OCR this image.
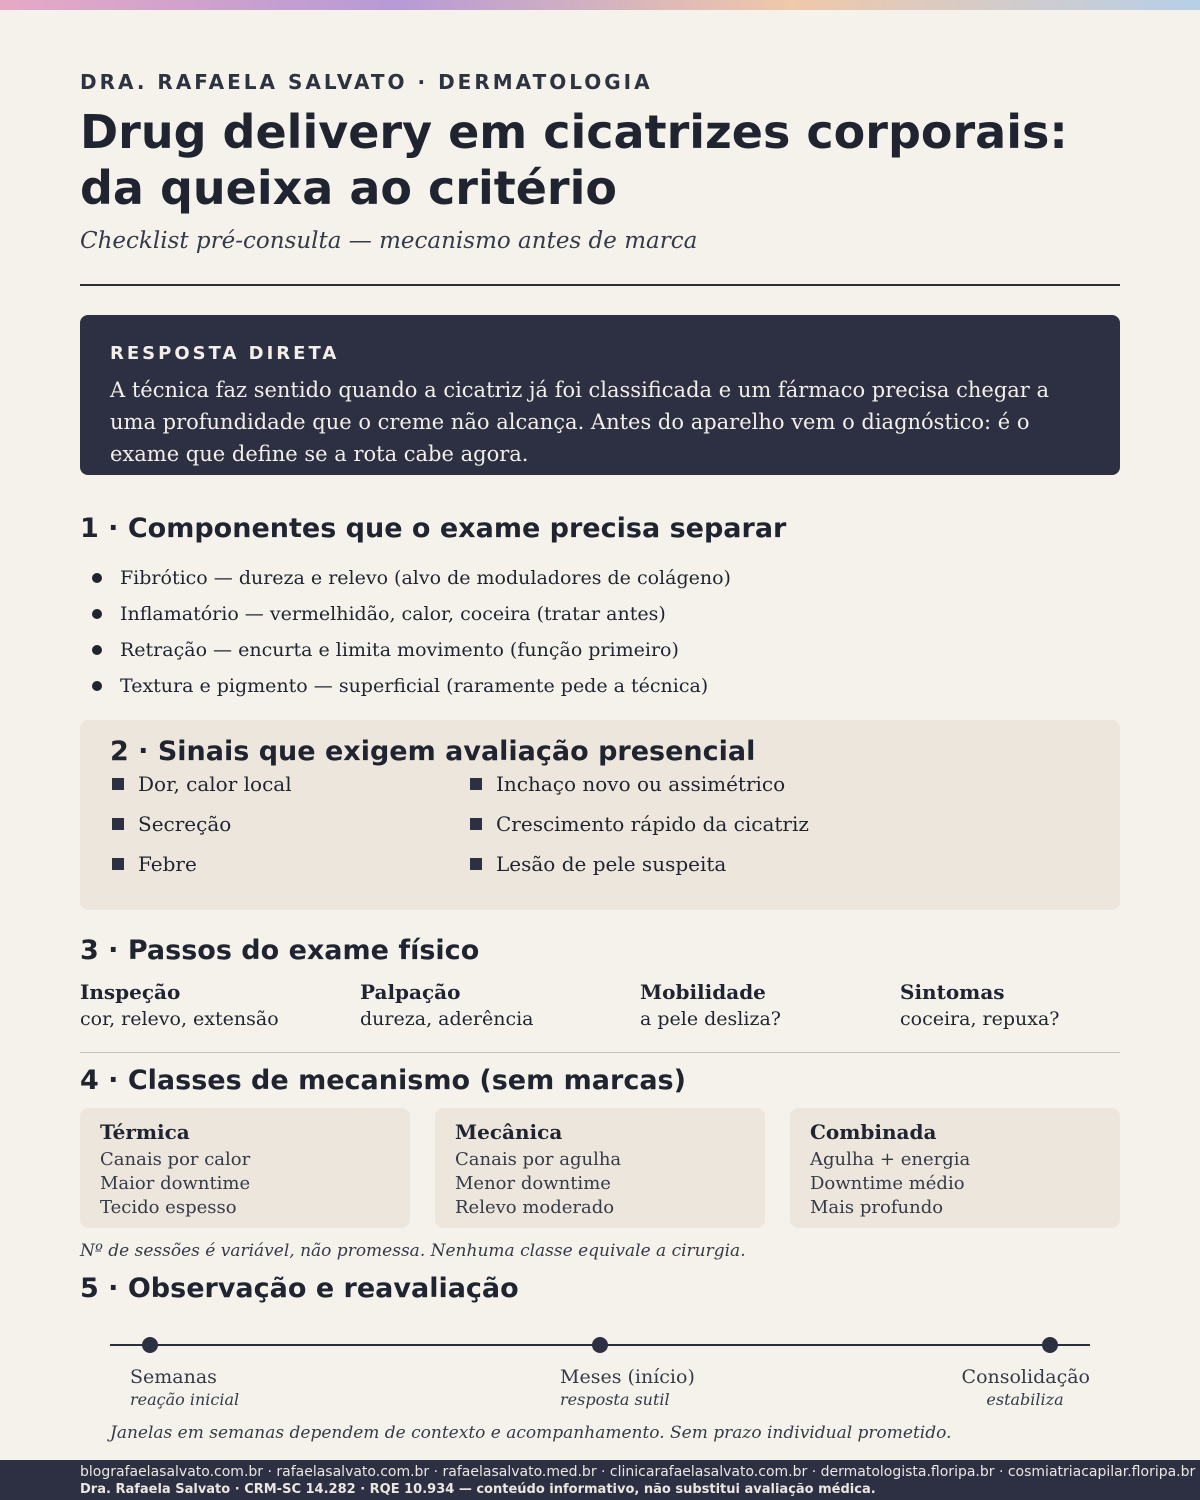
DRA. RAFAELA SALVATO · DERMATOLOGIA
Drug delivery em cicatrizes corporais: da queixa ao critério
Checklist pré-consulta — mecanismo antes de marca
RESPOSTA DIRETA
A técnica faz sentido quando a cicatriz já foi classificada e um fármaco precisa chegar a uma profundidade que o creme não alcança. Antes do aparelho vem o diagnóstico: é o exame que define se a rota cabe agora.
1 · Componentes que o exame precisa separar
Fibrótico — dureza e relevo (alvo de moduladores de colágeno)
Inflamatório — vermelhidão, calor, coceira (tratar antes)
Retração — encurta e limita movimento (função primeiro)
Textura e pigmento — superficial (raramente pede a técnica)
2 · Sinais que exigem avaliação presencial
Dor, calor local
Secreção
Febre
Inchaço novo ou assimétrico
Crescimento rápido da cicatriz
Lesão de pele suspeita
3 · Passos do exame físico
Inspeção
cor, relevo, extensão
Palpação
dureza, aderência
Mobilidade
a pele desliza?
Sintomas
coceira, repuxa?
4 · Classes de mecanismo (sem marcas)
Térmica
Canais por calor
Maior downtime
Tecido espesso
Mecânica
Canais por agulha
Menor downtime
Relevo moderado
Combinada
Agulha + energia
Downtime médio
Mais profundo
Nº de sessões é variável, não promessa. Nenhuma classe equivale a cirurgia.
5 · Observação e reavaliação
Semanas
reação inicial
Meses (início)
resposta sutil
Consolidação
estabiliza
Janelas em semanas dependem de contexto e acompanhamento. Sem prazo individual prometido.
blografaelasalvato.com.br · rafaelasalvato.com.br · rafaelasalvato.med.br · clinicarafaelasalvato.com.br · dermatologista.floripa.br · cosmiatriacapilar.floripa.br
Dra. Rafaela Salvato · CRM-SC 14.282 · RQE 10.934 — conteúdo informativo, não substitui avaliação médica.
